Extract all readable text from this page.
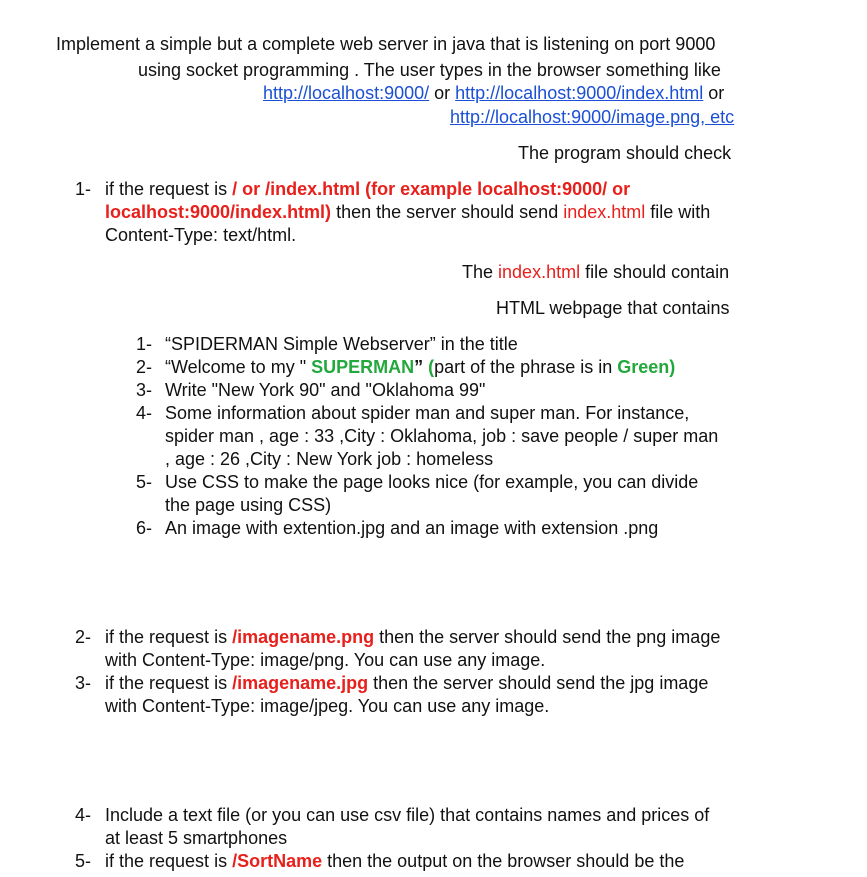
Implement a simple but a complete web server in java that is listening on port 9000
using socket programming . The user types in the browser something like
http://localhost:9000/ or http://localhost:9000/index.html or
http://localhost:9000/image.png, etc
The program should check
1- if the request is / or /index.html (for example localhost:9000/ or
localhost:9000/index.html) then the server should send index.html file with
Content-Type: text/html.
The index.html file should contain
HTML webpage that contains
1- “SPIDERMAN Simple Webserver” in the title
2- “Welcome to my " SUPERMAN” (part of the phrase is in Green)
3- Write "New York 90" and "Oklahoma 99"
4- Some information about spider man and super man. For instance,
spider man , age : 33 ,City : Oklahoma, job : save people / super man
, age : 26 ,City : New York job : homeless
5- Use CSS to make the page looks nice (for example, you can divide
the page using CSS)
6- An image with extention.jpg and an image with extension .png
2- if the request is /imagename.png then the server should send the png image
with Content-Type: image/png. You can use any image.
3- if the request is /imagename.jpg then the server should send the jpg image
with Content-Type: image/jpeg. You can use any image.
4- Include a text file (or you can use csv file) that contains names and prices of
at least 5 smartphones
5- if the request is /SortName then the output on the browser should be the
